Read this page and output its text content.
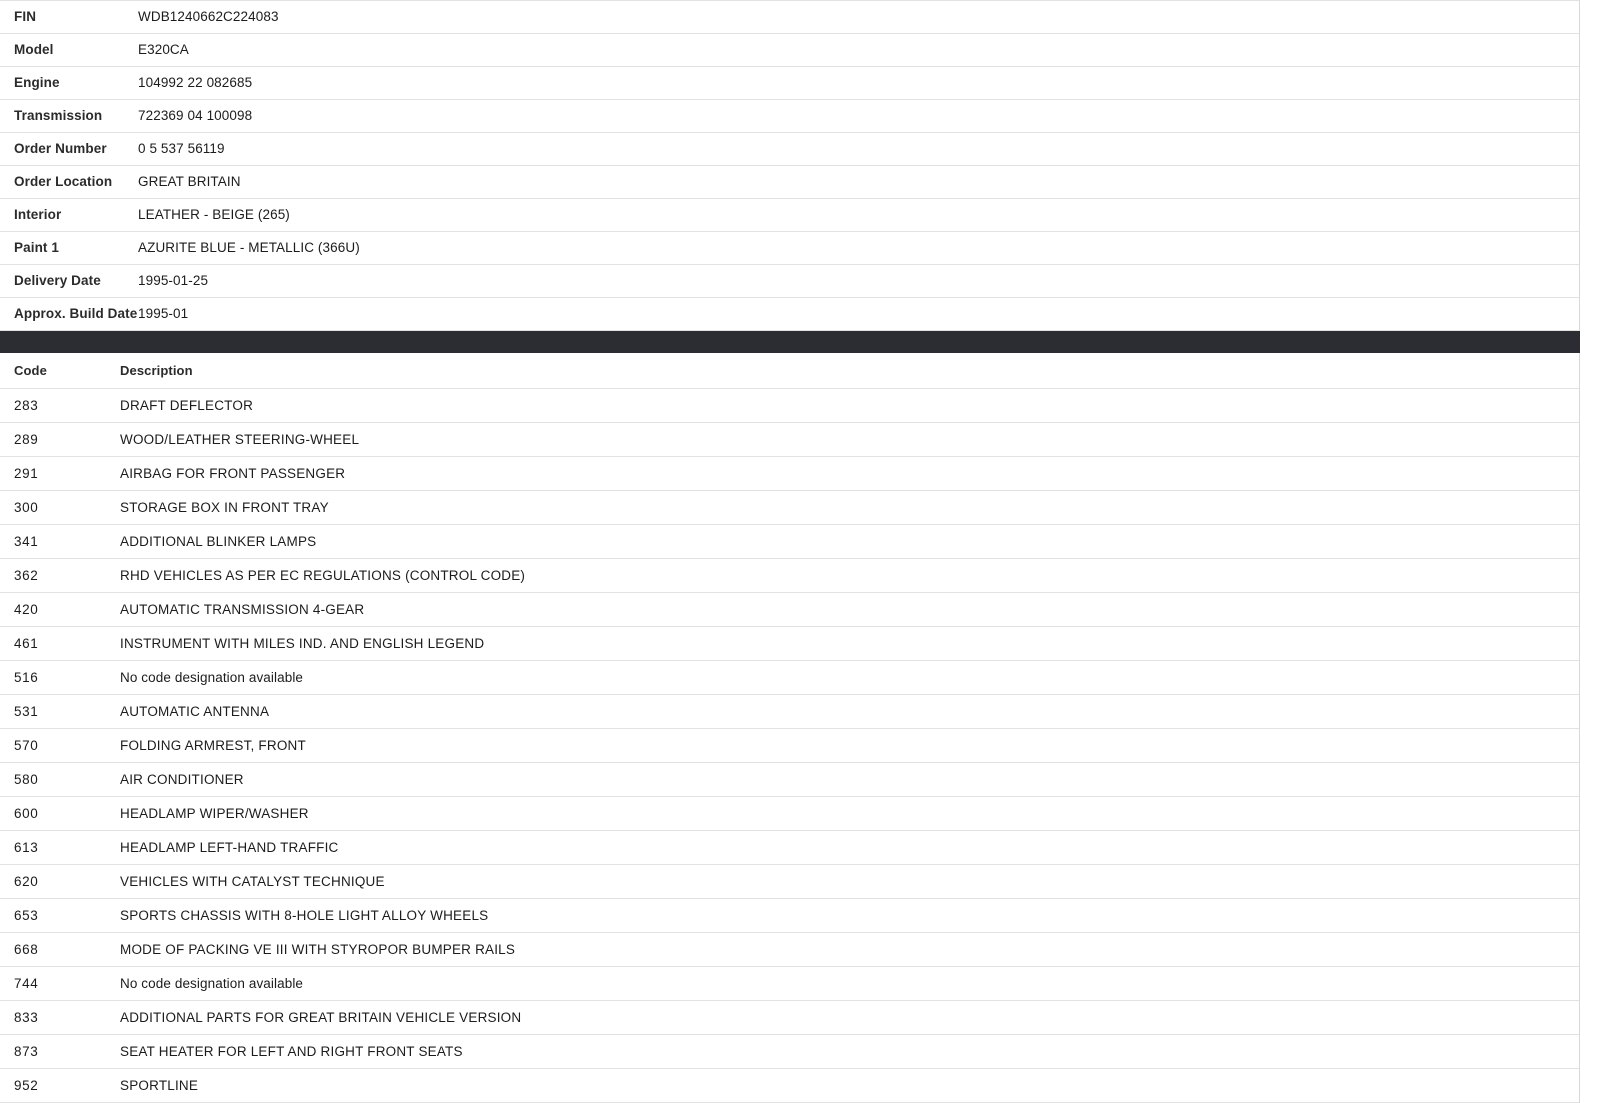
FIN	WDB1240662C224083
Model	E320CA
Engine	104992 22 082685
Transmission	722369 04 100098
Order Number	0 5 537 56119
Order Location	GREAT BRITAIN
Interior	LEATHER - BEIGE (265)
Paint 1	AZURITE BLUE - METALLIC (366U)
Delivery Date	1995-01-25
Approx. Build Date	1995-01
Code	Description
283	DRAFT DEFLECTOR
289	WOOD/LEATHER STEERING-WHEEL
291	AIRBAG FOR FRONT PASSENGER
300	STORAGE BOX IN FRONT TRAY
341	ADDITIONAL BLINKER LAMPS
362	RHD VEHICLES AS PER EC REGULATIONS (CONTROL CODE)
420	AUTOMATIC TRANSMISSION 4-GEAR
461	INSTRUMENT WITH MILES IND. AND ENGLISH LEGEND
516	No code designation available
531	AUTOMATIC ANTENNA
570	FOLDING ARMREST, FRONT
580	AIR CONDITIONER
600	HEADLAMP WIPER/WASHER
613	HEADLAMP LEFT-HAND TRAFFIC
620	VEHICLES WITH CATALYST TECHNIQUE
653	SPORTS CHASSIS WITH 8-HOLE LIGHT ALLOY WHEELS
668	MODE OF PACKING VE III WITH STYROPOR BUMPER RAILS
744	No code designation available
833	ADDITIONAL PARTS FOR GREAT BRITAIN VEHICLE VERSION
873	SEAT HEATER FOR LEFT AND RIGHT FRONT SEATS
952	SPORTLINE
